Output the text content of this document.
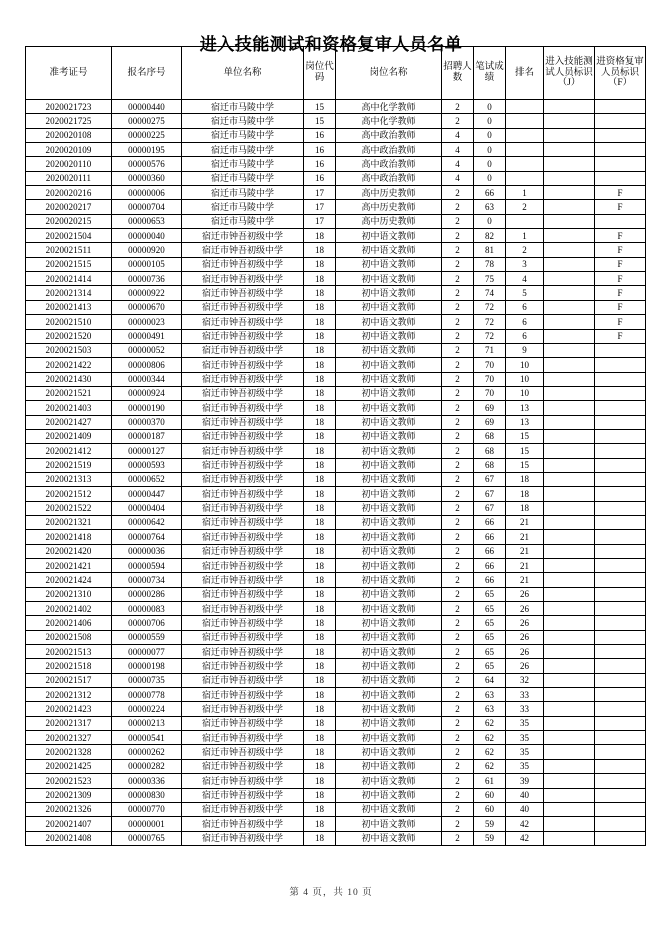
进入技能测试和资格复审人员名单
准考证号	报名序号	单位名称	岗位代码	岗位名称	招聘人数	笔试成绩	排名	进入技能测试人员标识（J）	进资格复审人员标识（F）
2020021723	00000440	宿迁市马陵中学	15	高中化学教师	2	0			
2020021725	00000275	宿迁市马陵中学	15	高中化学教师	2	0			
2020020108	00000225	宿迁市马陵中学	16	高中政治教师	4	0			
2020020109	00000195	宿迁市马陵中学	16	高中政治教师	4	0			
2020020110	00000576	宿迁市马陵中学	16	高中政治教师	4	0			
2020020111	00000360	宿迁市马陵中学	16	高中政治教师	4	0			
2020020216	00000006	宿迁市马陵中学	17	高中历史教师	2	66	1		F
2020020217	00000704	宿迁市马陵中学	17	高中历史教师	2	63	2		F
2020020215	00000653	宿迁市马陵中学	17	高中历史教师	2	0			
2020021504	00000040	宿迁市钟吾初级中学	18	初中语文教师	2	82	1		F
2020021511	00000920	宿迁市钟吾初级中学	18	初中语文教师	2	81	2		F
2020021515	00000105	宿迁市钟吾初级中学	18	初中语文教师	2	78	3		F
2020021414	00000736	宿迁市钟吾初级中学	18	初中语文教师	2	75	4		F
2020021314	00000922	宿迁市钟吾初级中学	18	初中语文教师	2	74	5		F
2020021413	00000670	宿迁市钟吾初级中学	18	初中语文教师	2	72	6		F
2020021510	00000023	宿迁市钟吾初级中学	18	初中语文教师	2	72	6		F
2020021520	00000491	宿迁市钟吾初级中学	18	初中语文教师	2	72	6		F
2020021503	00000052	宿迁市钟吾初级中学	18	初中语文教师	2	71	9		
2020021422	00000806	宿迁市钟吾初级中学	18	初中语文教师	2	70	10		
2020021430	00000344	宿迁市钟吾初级中学	18	初中语文教师	2	70	10		
2020021521	00000924	宿迁市钟吾初级中学	18	初中语文教师	2	70	10		
2020021403	00000190	宿迁市钟吾初级中学	18	初中语文教师	2	69	13		
2020021427	00000370	宿迁市钟吾初级中学	18	初中语文教师	2	69	13		
2020021409	00000187	宿迁市钟吾初级中学	18	初中语文教师	2	68	15		
2020021412	00000127	宿迁市钟吾初级中学	18	初中语文教师	2	68	15		
2020021519	00000593	宿迁市钟吾初级中学	18	初中语文教师	2	68	15		
2020021313	00000652	宿迁市钟吾初级中学	18	初中语文教师	2	67	18		
2020021512	00000447	宿迁市钟吾初级中学	18	初中语文教师	2	67	18		
2020021522	00000404	宿迁市钟吾初级中学	18	初中语文教师	2	67	18		
2020021321	00000642	宿迁市钟吾初级中学	18	初中语文教师	2	66	21		
2020021418	00000764	宿迁市钟吾初级中学	18	初中语文教师	2	66	21		
2020021420	00000036	宿迁市钟吾初级中学	18	初中语文教师	2	66	21		
2020021421	00000594	宿迁市钟吾初级中学	18	初中语文教师	2	66	21		
2020021424	00000734	宿迁市钟吾初级中学	18	初中语文教师	2	66	21		
2020021310	00000286	宿迁市钟吾初级中学	18	初中语文教师	2	65	26		
2020021402	00000083	宿迁市钟吾初级中学	18	初中语文教师	2	65	26		
2020021406	00000706	宿迁市钟吾初级中学	18	初中语文教师	2	65	26		
2020021508	00000559	宿迁市钟吾初级中学	18	初中语文教师	2	65	26		
2020021513	00000077	宿迁市钟吾初级中学	18	初中语文教师	2	65	26		
2020021518	00000198	宿迁市钟吾初级中学	18	初中语文教师	2	65	26		
2020021517	00000735	宿迁市钟吾初级中学	18	初中语文教师	2	64	32		
2020021312	00000778	宿迁市钟吾初级中学	18	初中语文教师	2	63	33		
2020021423	00000224	宿迁市钟吾初级中学	18	初中语文教师	2	63	33		
2020021317	00000213	宿迁市钟吾初级中学	18	初中语文教师	2	62	35		
2020021327	00000541	宿迁市钟吾初级中学	18	初中语文教师	2	62	35		
2020021328	00000262	宿迁市钟吾初级中学	18	初中语文教师	2	62	35		
2020021425	00000282	宿迁市钟吾初级中学	18	初中语文教师	2	62	35		
2020021523	00000336	宿迁市钟吾初级中学	18	初中语文教师	2	61	39		
2020021309	00000830	宿迁市钟吾初级中学	18	初中语文教师	2	60	40		
2020021326	00000770	宿迁市钟吾初级中学	18	初中语文教师	2	60	40		
2020021407	00000001	宿迁市钟吾初级中学	18	初中语文教师	2	59	42		
2020021408	00000765	宿迁市钟吾初级中学	18	初中语文教师	2	59	42		
第 4 页，共 10 页
